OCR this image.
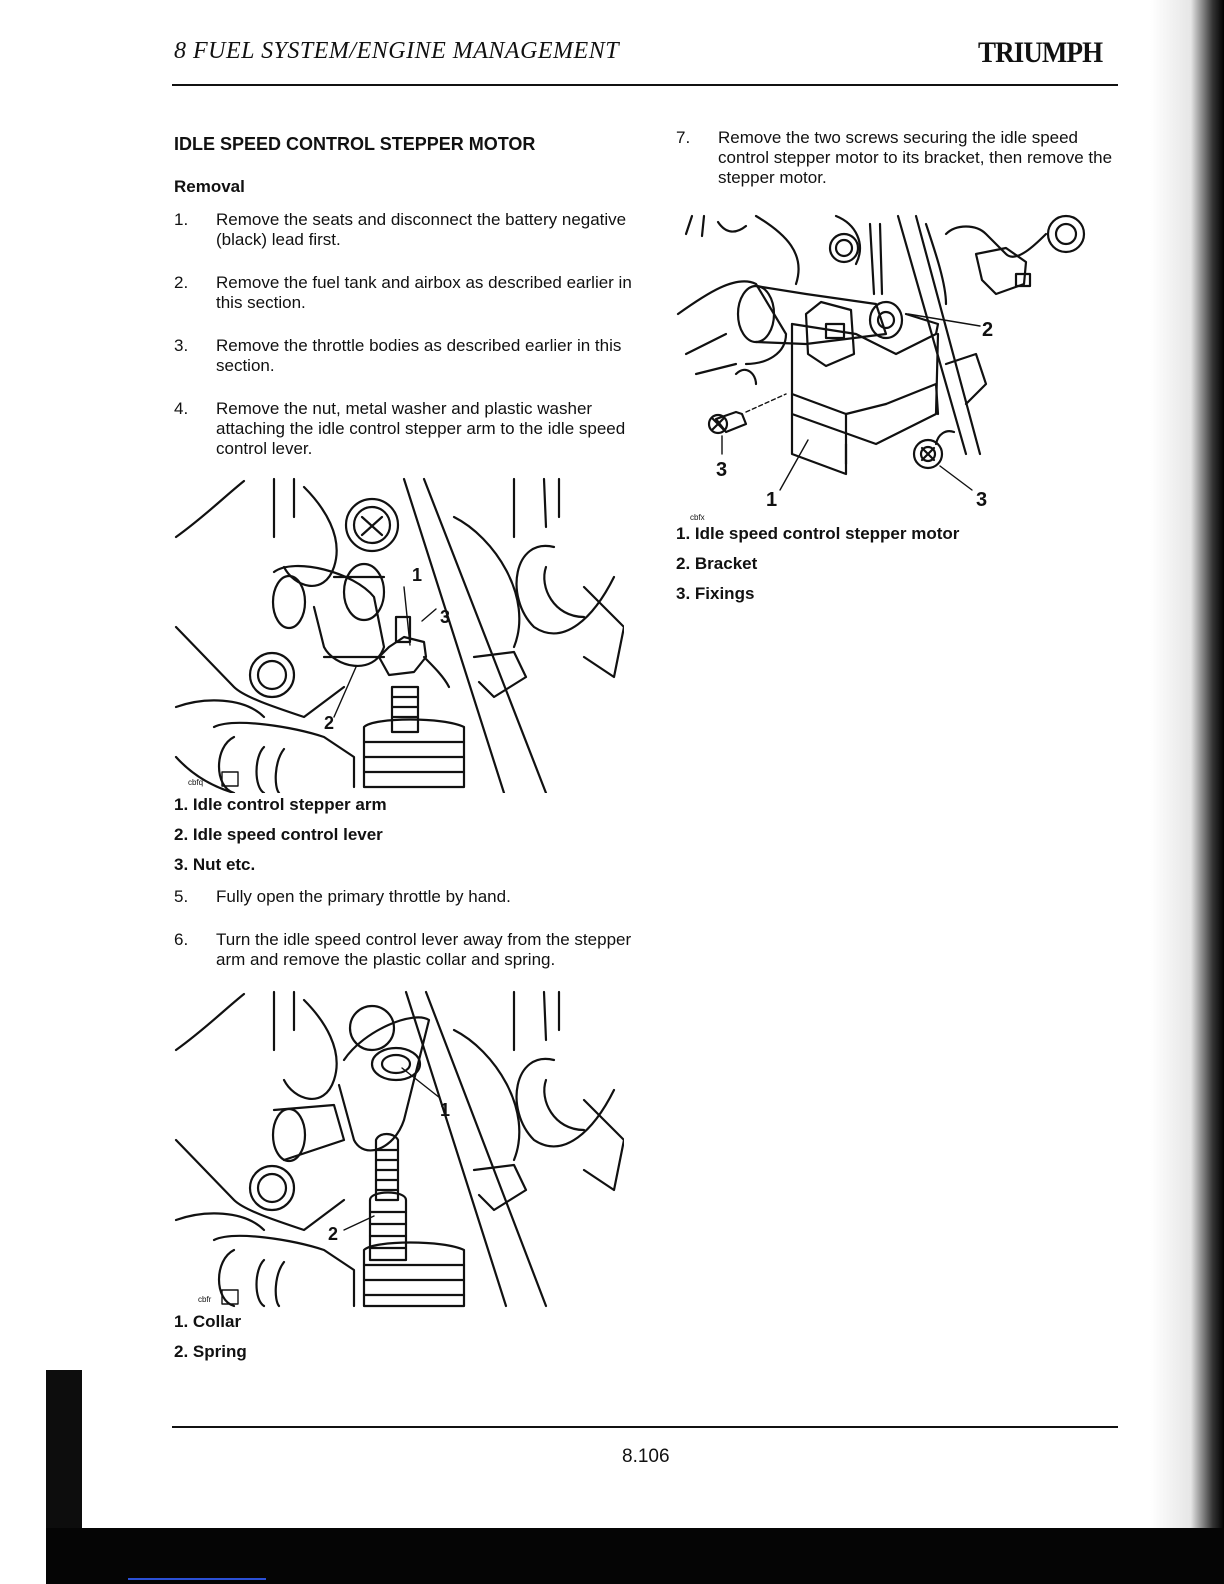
8 FUEL SYSTEM/ENGINE MANAGEMENT	TRIUMPH
IDLE SPEED CONTROL STEPPER MOTOR
Removal
1. Remove the seats and disconnect the battery negative (black) lead first.
2. Remove the fuel tank and airbox as described earlier in this section.
3. Remove the throttle bodies as described earlier in this section.
4. Remove the nut, metal washer and plastic washer attaching the idle control stepper arm to the idle speed control lever.
1
2
3
cbfq
1. Idle control stepper arm
2. Idle speed control lever
3. Nut etc.
5. Fully open the primary throttle by hand.
6. Turn the idle speed control lever away from the stepper arm and remove the plastic collar and spring.
1
2
cbfr
1. Collar
2. Spring
7. Remove the two screws securing the idle speed control stepper motor to its bracket, then remove the stepper motor.
2
3
1	3
cbfx
1. Idle speed control stepper motor
2. Bracket
3. Fixings
8.106
